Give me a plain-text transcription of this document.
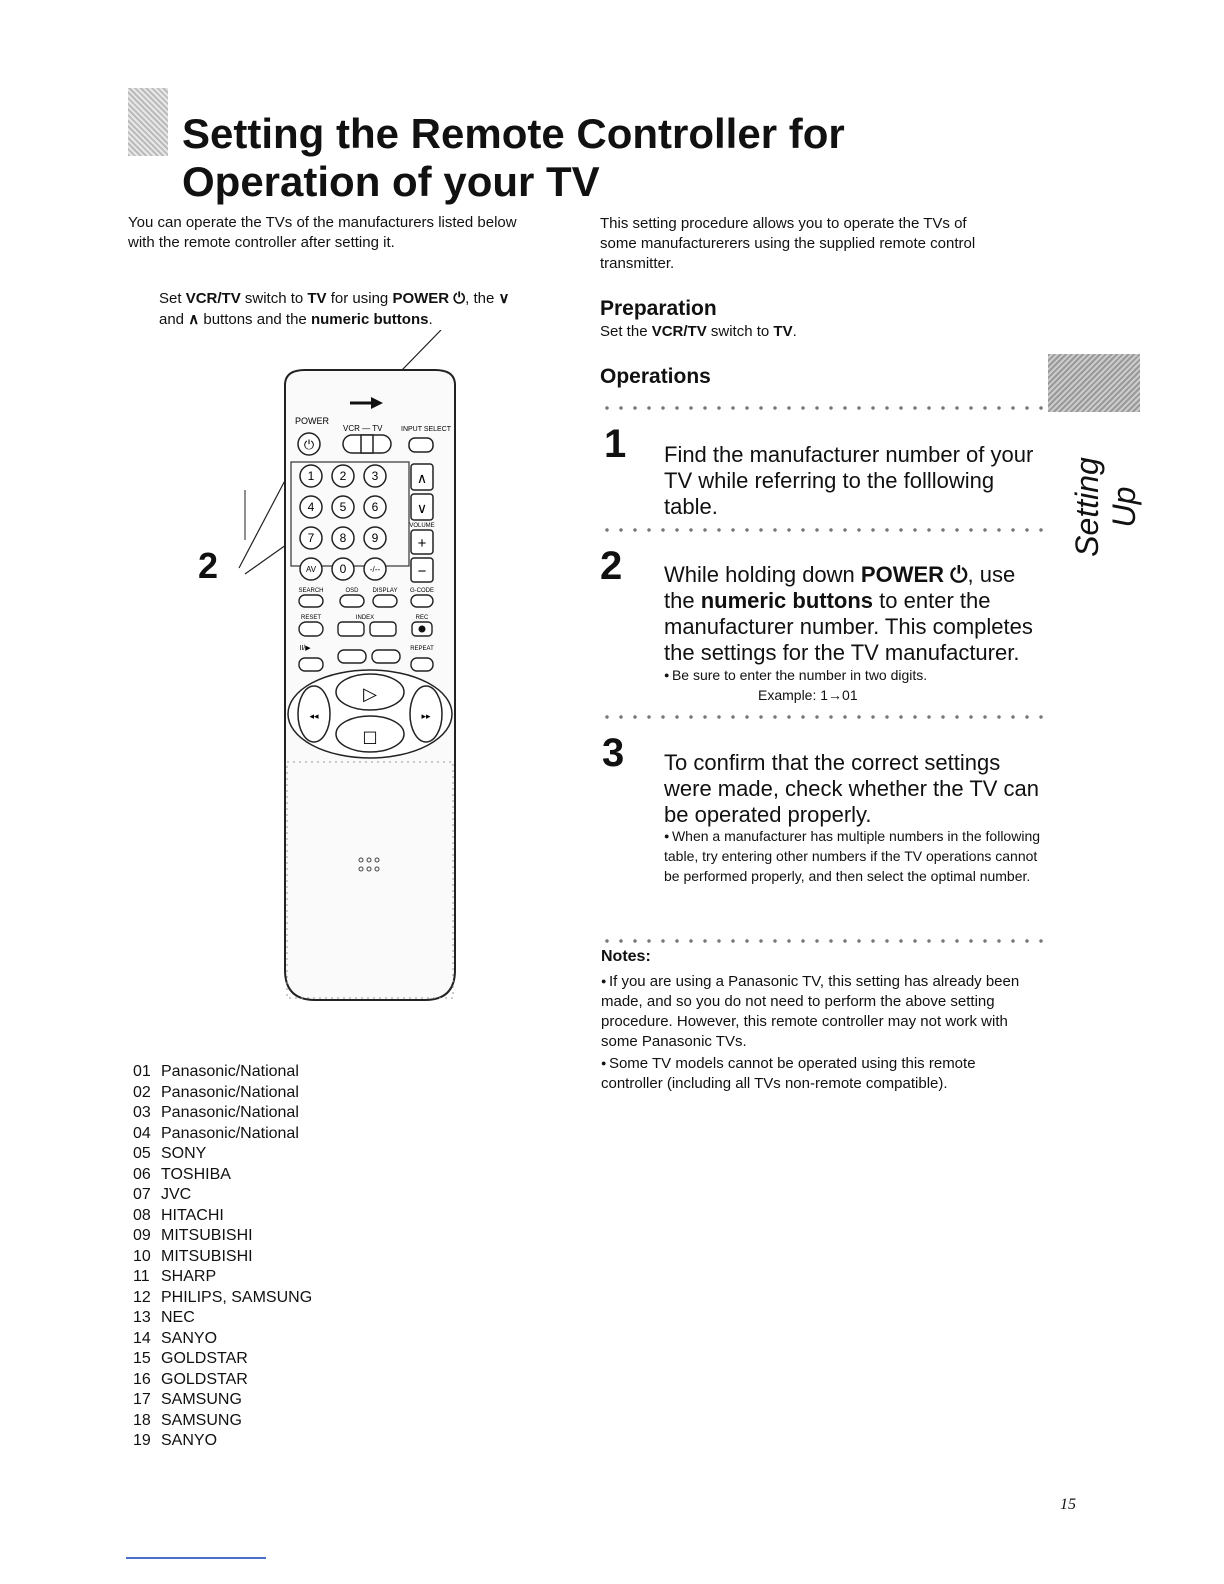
Setting the Remote Controller for
Operation of your TV
You can operate the TVs of the manufacturers listed below
with the remote controller after setting it.
This setting procedure allows you to operate the TVs of
some manufacturerers using the supplied remote control
transmitter.
Set VCR/TV switch to TV for using POWER ⏻, the ∨
and ∧ buttons and the numeric buttons.
2
POWER
VCR — TV	INPUT SELECT
⏻
1 2 3
4 5 6
7 8 9
AV 0	-/--
∧
∨
VOLUME
+
−
SEARCH	OSD DISPLAY G-CODE
RESET	INDEX	REC
II/▶	REPEAT
▷
□
◂◂	▸▸
01 Panasonic/National
02 Panasonic/National
03 Panasonic/National
04 Panasonic/National
05 SONY
06 TOSHIBA
07 JVC
08 HITACHI
09 MITSUBISHI
10 MITSUBISHI
11 SHARP
12 PHILIPS, SAMSUNG
13 NEC
14 SANYO
15 GOLDSTAR
16 GOLDSTAR
17 SAMSUNG
18 SAMSUNG
19 SANYO
Preparation
Set the VCR/TV switch to TV.
Operations
1 Find the manufacturer number of your TV while referring to the folllowing table.
2 While holding down POWER ⏻, use the numeric buttons to enter the manufacturer number. This completes the settings for the TV manufacturer.
● Be sure to enter the number in two digits.
Example: 1→01
3 To confirm that the correct settings were made, check whether the TV can be operated properly.
● When a manufacturer has multiple numbers in the following table, try entering other numbers if the TV operations cannot be performed properly, and then select the optimal number.
Notes:
● If you are using a Panasonic TV, this setting has already been made, and so you do not need to perform the above setting procedure. However, this remote controller may not work with some Panasonic TVs.
● Some TV models cannot be operated using this remote controller (including all TVs non-remote compatible).
Setting Up
15
